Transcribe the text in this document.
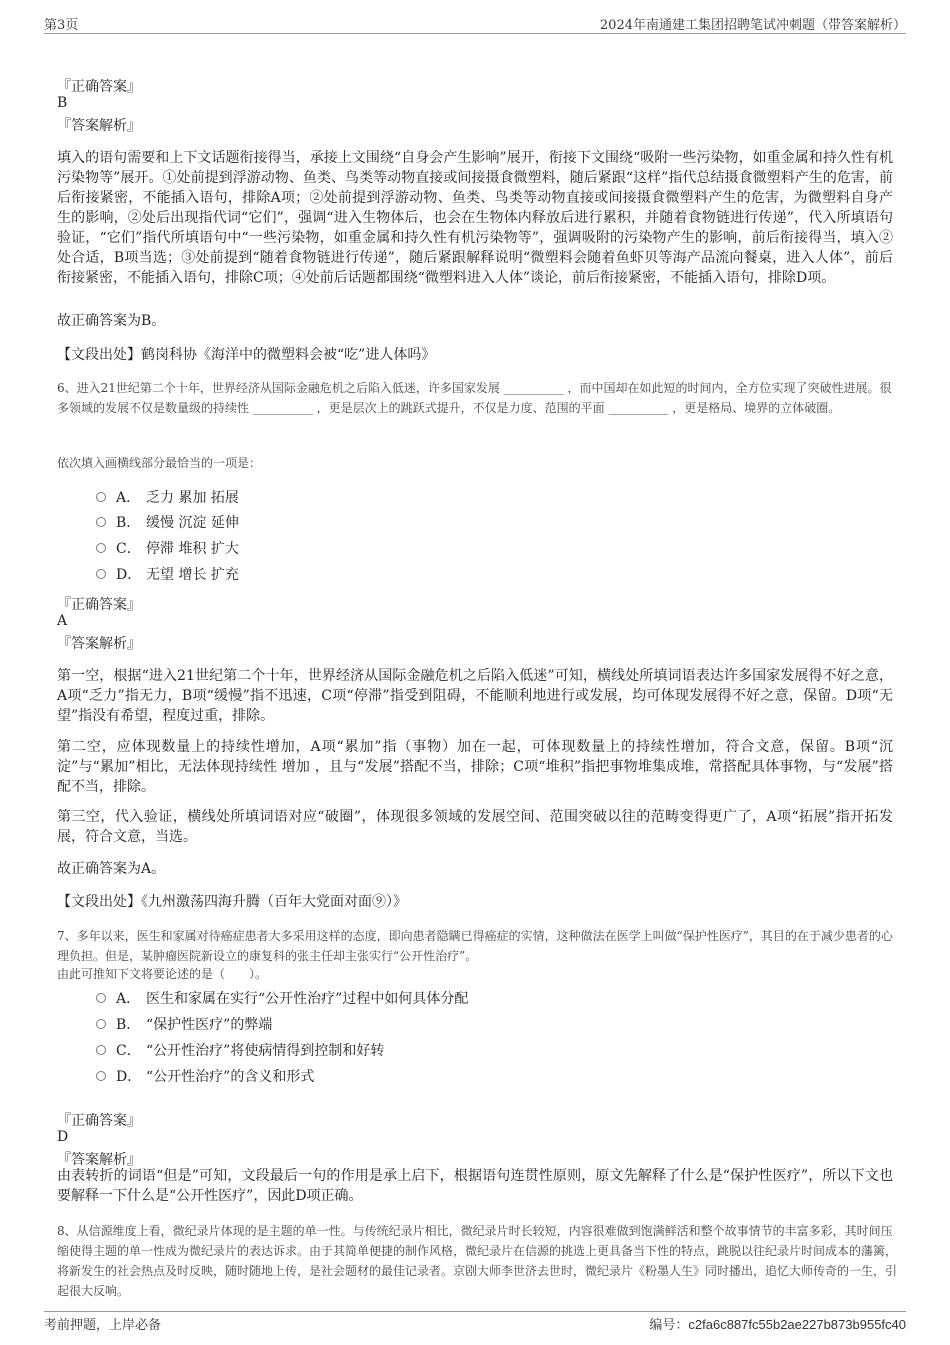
第3页	2024年南通建工集团招聘笔试冲刺题（带答案解析）
『正确答案』
B
『答案解析』

填入的语句需要和上下文话题衔接得当，承接上文围绕“自身会产生影响”展开，衔接下文围绕“吸附一些污染物，如重金属和持久性有机污染物等”展开。①处前提到浮游动物、鱼类、鸟类等动物直接或间接摄食微塑料，随后紧跟“这样”指代总结摄食微塑料产生的危害，前后衔接紧密，不能插入语句，排除A项；②处前提到浮游动物、鱼类、鸟类等动物直接或间接摄食微塑料产生的危害，为微塑料自身产生的影响，②处后出现指代词“它们”，强调“进入生物体后，也会在生物体内释放后进行累积，并随着食物链进行传递”，代入所填语句验证，“它们”指代所填语句中“一些污染物，如重金属和持久性有机污染物等”，强调吸附的污染物产生的影响，前后衔接得当，填入②处合适，B项当选；③处前提到“随着食物链进行传递”，随后紧跟解释说明“微塑料会随着鱼虾贝等海产品流向餐桌，进入人体”，前后衔接紧密，不能插入语句，排除C项；④处前后话题都围绕“微塑料进入人体”谈论，前后衔接紧密，不能插入语句，排除D项。

故正确答案为B。
【文段出处】鹤岗科协《海洋中的微塑料会被“吃”进人体吗》

6、进入21世纪第二个十年，世界经济从国际金融危机之后陷入低迷，许多国家发展 __________ ，而中国却在如此短的时间内，全方位实现了突破性进展。很多领域的发展不仅是数量级的持续性 __________ ，更是层次上的跳跃式提升，不仅是力度、范围的平面 __________ ，更是格局、境界的立体破圈。

依次填入画横线部分最恰当的一项是：
A． 乏力 累加 拓展
B． 缓慢 沉淀 延伸
C． 停滞 堆积 扩大
D． 无望 增长 扩充
『正确答案』
A
『答案解析』

第一空，根据“进入21世纪第二个十年，世界经济从国际金融危机之后陷入低迷”可知，横线处所填词语表达许多国家发展得不好之意，A项“乏力”指无力，B项“缓慢”指不迅速，C项“停滞”指受到阻碍，不能顺利地进行或发展，均可体现发展得不好之意，保留。D项“无望”指没有希望，程度过重，排除。

第二空，应体现数量上的持续性增加，A项“累加”指（事物）加在一起，可体现数量上的持续性增加，符合文意，保留。B项“沉淀”与“累加”相比，无法体现持续性 增加 ，且与“发展”搭配不当，排除；C项“堆积”指把事物堆集成堆，常搭配具体事物，与“发展”搭配不当，排除。

第三空，代入验证，横线处所填词语对应“破圈”，体现很多领域的发展空间、范围突破以往的范畴变得更广了，A项“拓展”指开拓发展，符合文意，当选。

故正确答案为A。
【文段出处】《九州激荡四海升腾（百年大党面对面⑨）》

7、多年以来，医生和家属对待癌症患者大多采用这样的态度，即向患者隐瞒已得癌症的实情，这种做法在医学上叫做“保护性医疗”，其目的在于减少患者的心理负担。但是，某肿瘤医院新设立的康复科的张主任却主张实行“公开性治疗”。

由此可推知下文将要论述的是（　　）。
A． 医生和家属在实行“公开性治疗”过程中如何具体分配
B． “保护性医疗”的弊端
C． “公开性治疗”将使病情得到控制和好转
D． “公开性治疗”的含义和形式
『正确答案』
D
『答案解析』

由表转折的词语“但是”可知，文段最后一句的作用是承上启下，根据语句连贯性原则，原文先解释了什么是“保护性医疗”，所以下文也要解释一下什么是“公开性医疗”，因此D项正确。

8、从信源维度上看，微纪录片体现的是主题的单一性。与传统纪录片相比，微纪录片时长较短，内容很难做到饱满鲜活和整个故事情节的丰富多彩，其时间压缩使得主题的单一性成为微纪录片的表达诉求。由于其简单便捷的制作风格，微纪录片在信源的挑选上更具备当下性的特点，跳脱以往纪录片时间成本的藩篱，将新发生的社会热点及时反映，随时随地上传，是社会题材的最佳记录者。京剧大师李世济去世时，微纪录片《粉墨人生》同时播出，追忆大师传奇的一生，引起很大反响。

考前押题，上岸必备	编号：c2fa6c887fc55b2ae227b873b955fc40
